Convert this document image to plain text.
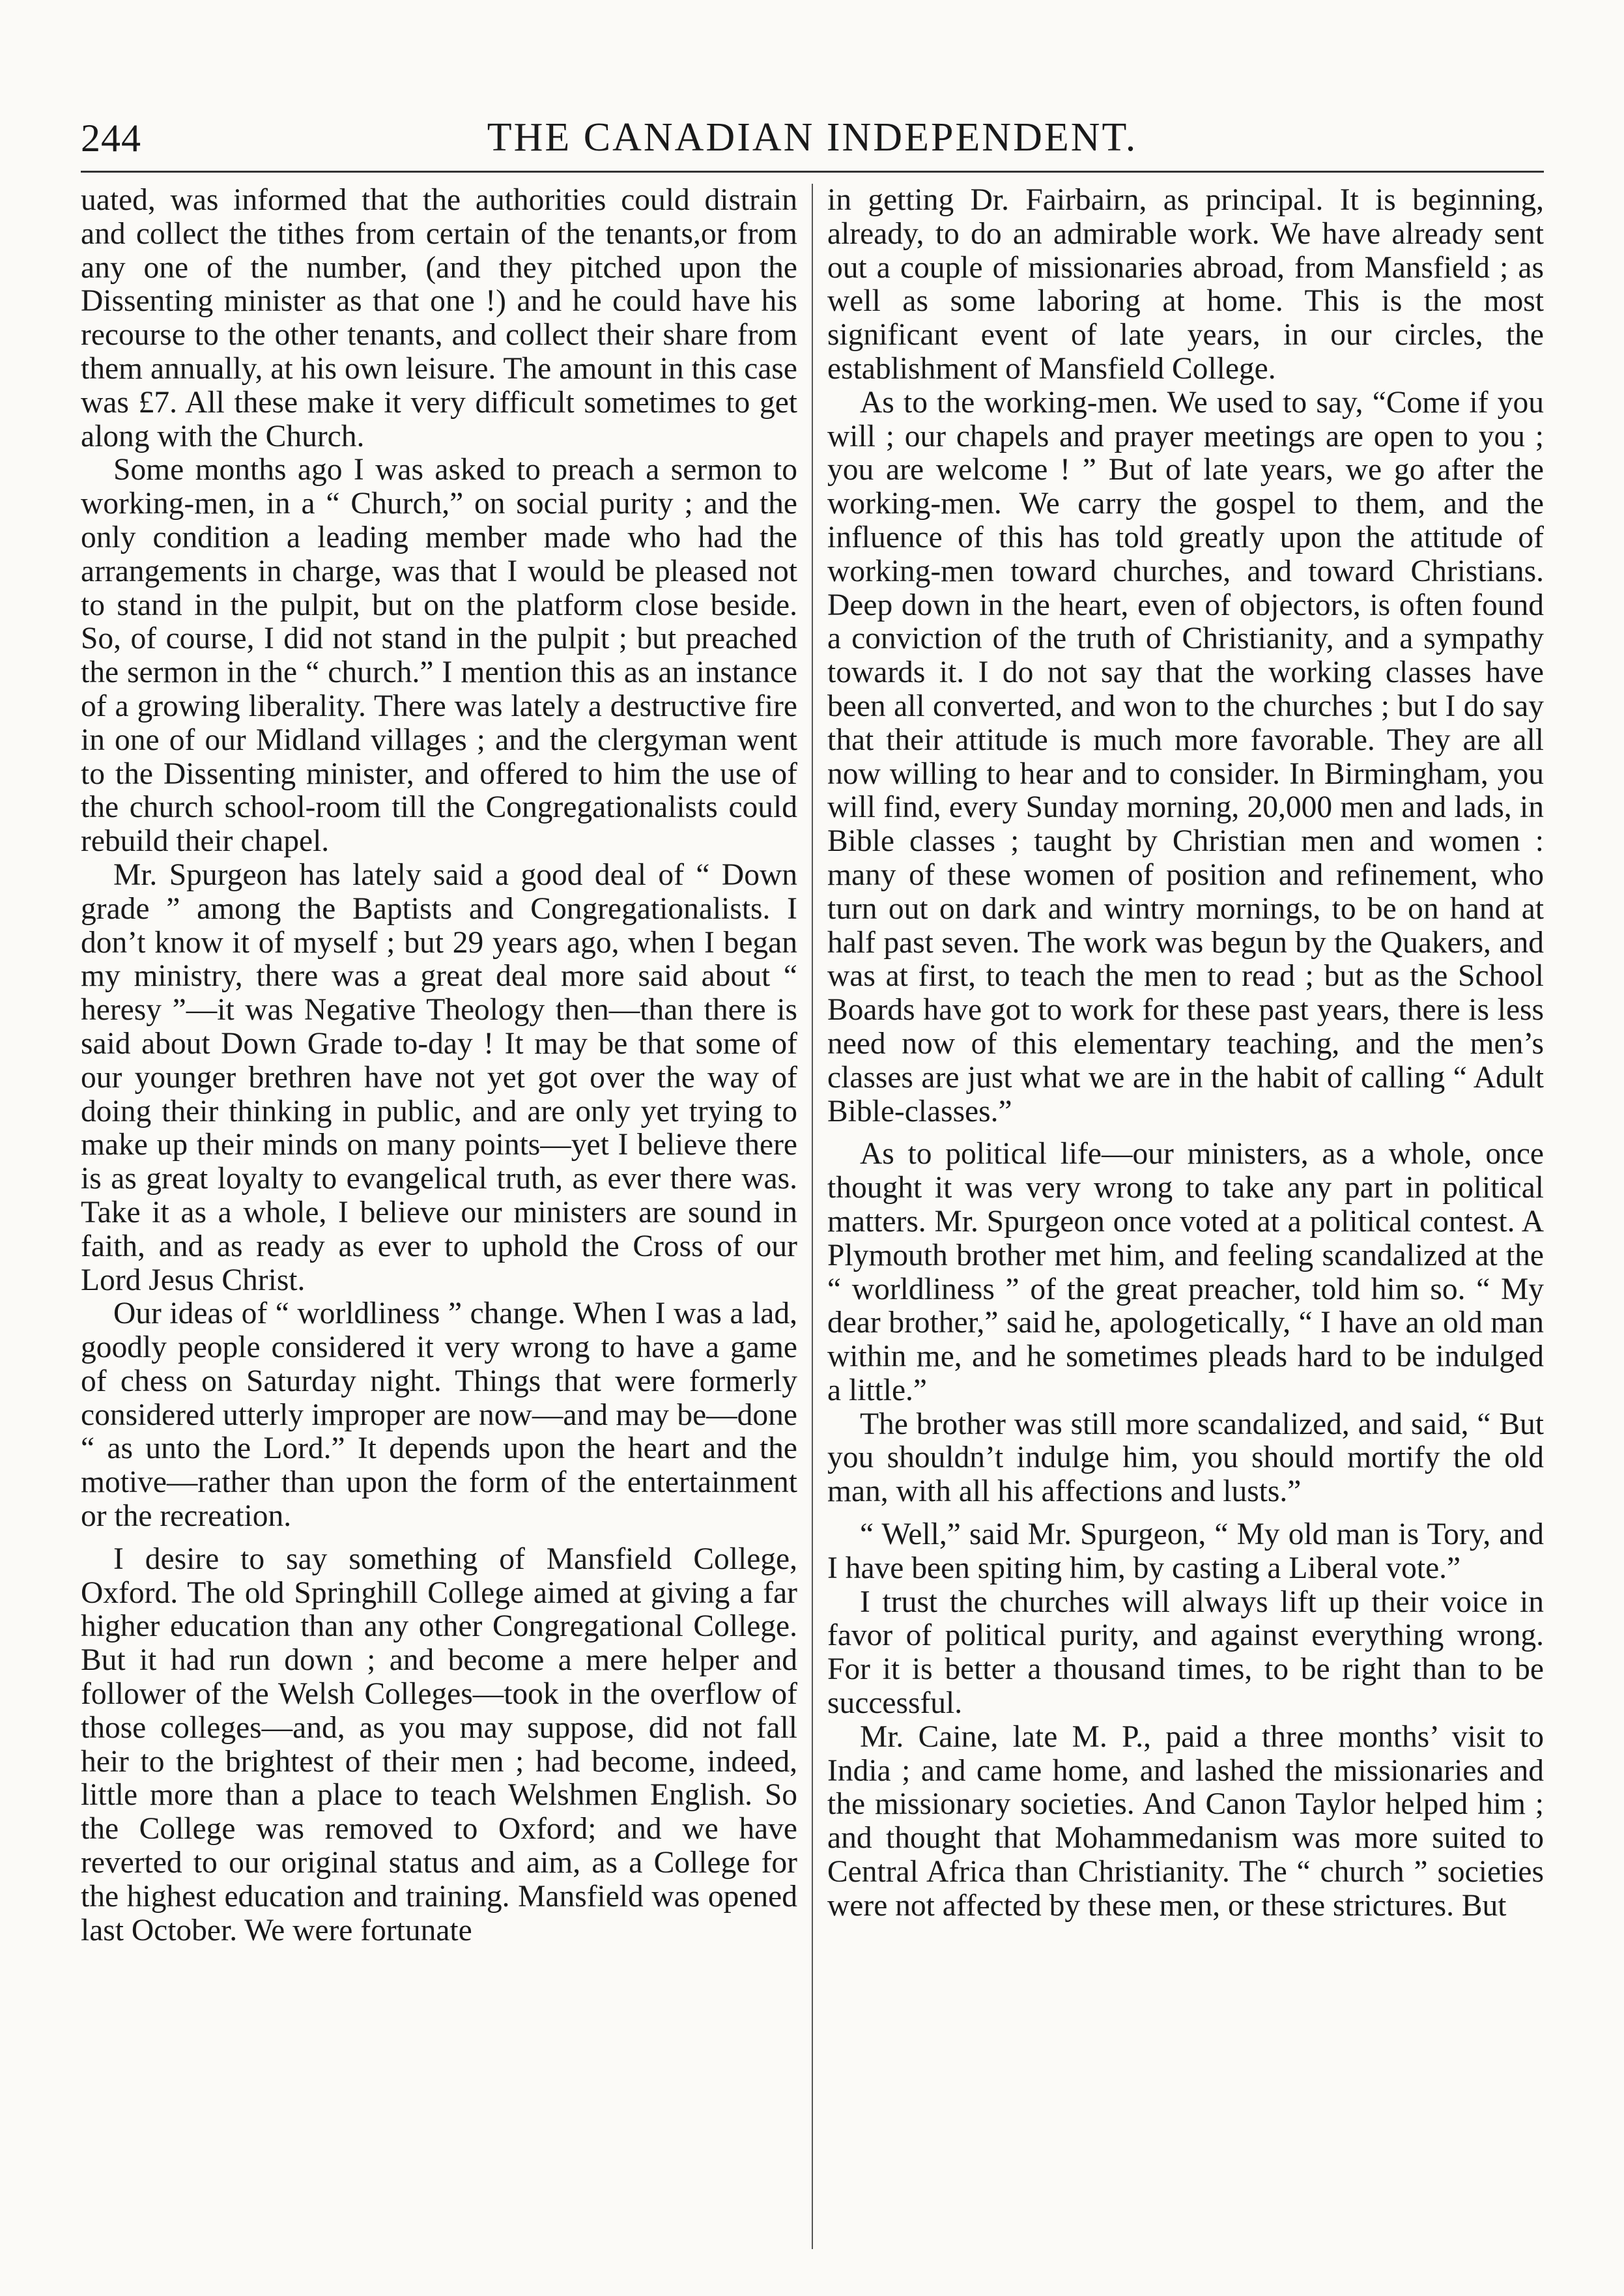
244	THE CANADIAN INDEPENDENT.

uated, was informed that the authorities could distrain and collect the tithes from certain of the tenants,or from any one of the number, (and they pitched upon the Dissenting minister as that one !) and he could have his recourse to the other tenants, and collect their share from them annually, at his own leisure. The amount in this case was £7. All these make it very difficult sometimes to get along with the Church.

Some months ago I was asked to preach a sermon to working-men, in a “ Church,” on social purity ; and the only condition a leading member made who had the arrangements in charge, was that I would be pleased not to stand in the pulpit, but on the platform close beside. So, of course, I did not stand in the pulpit ; but preached the sermon in the “ church.” I mention this as an instance of a growing liberality. There was lately a destructive fire in one of our Midland villages ; and the clergyman went to the Dissenting minister, and offered to him the use of the church school-room till the Congregationalists could rebuild their chapel.

Mr. Spurgeon has lately said a good deal of “ Down grade ” among the Baptists and Congregationalists. I don’t know it of myself ; but 29 years ago, when I began my ministry, there was a great deal more said about “ heresy ”—it was Negative Theology then—than there is said about Down Grade to-day ! It may be that some of our younger brethren have not yet got over the way of doing their thinking in public, and are only yet trying to make up their minds on many points—yet I believe there is as great loyalty to evangelical truth, as ever there was. Take it as a whole, I believe our ministers are sound in faith, and as ready as ever to uphold the Cross of our Lord Jesus Christ.

Our ideas of “ worldliness ” change. When I was a lad, goodly people considered it very wrong to have a game of chess on Saturday night. Things that were formerly considered utterly improper are now—and may be—done “ as unto the Lord.” It depends upon the heart and the motive—rather than upon the form of the entertainment or the recreation.

I desire to say something of Mansfield College, Oxford. The old Springhill College aimed at giving a far higher education than any other Congregational College. But it had run down ; and become a mere helper and follower of the Welsh Colleges—took in the overflow of those colleges—and, as you may suppose, did not fall heir to the brightest of their men ; had become, indeed, little more than a place to teach Welshmen English. So the College was removed to Oxford; and we have reverted to our original status and aim, as a College for the highest education and training. Mansfield was opened last October. We were fortunate

in getting Dr. Fairbairn, as principal. It is beginning, already, to do an admirable work. We have already sent out a couple of missionaries abroad, from Mansfield ; as well as some laboring at home. This is the most significant event of late years, in our circles, the establishment of Mansfield College.

As to the working-men. We used to say, “Come if you will ; our chapels and prayer meetings are open to you ; you are welcome ! ” But of late years, we go after the working-men. We carry the gospel to them, and the influence of this has told greatly upon the attitude of working-men toward churches, and toward Christians. Deep down in the heart, even of objectors, is often found a conviction of the truth of Christianity, and a sympathy towards it. I do not say that the working classes have been all converted, and won to the churches ; but I do say that their attitude is much more favorable. They are all now willing to hear and to consider. In Birmingham, you will find, every Sunday morning, 20,000 men and lads, in Bible classes ; taught by Christian men and women : many of these women of position and refinement, who turn out on dark and wintry mornings, to be on hand at half past seven. The work was begun by the Quakers, and was at first, to teach the men to read ; but as the School Boards have got to work for these past years, there is less need now of this elementary teaching, and the men’s classes are just what we are in the habit of calling “ Adult Bible-classes.”

As to political life—our ministers, as a whole, once thought it was very wrong to take any part in political matters. Mr. Spurgeon once voted at a political contest. A Plymouth brother met him, and feeling scandalized at the “ worldliness ” of the great preacher, told him so. “ My dear brother,” said he, apologetically, “ I have an old man within me, and he sometimes pleads hard to be indulged a little.”

The brother was still more scandalized, and said, “ But you shouldn’t indulge him, you should mortify the old man, with all his affections and lusts.”

“ Well,” said Mr. Spurgeon, “ My old man is Tory, and I have been spiting him, by casting a Liberal vote.”

I trust the churches will always lift up their voice in favor of political purity, and against everything wrong. For it is better a thousand times, to be right than to be successful.

Mr. Caine, late M. P., paid a three months’ visit to India ; and came home, and lashed the missionaries and the missionary societies. And Canon Taylor helped him ; and thought that Mohammedanism was more suited to Central Africa than Christianity. The “ church ” societies were not affected by these men, or these strictures. But
